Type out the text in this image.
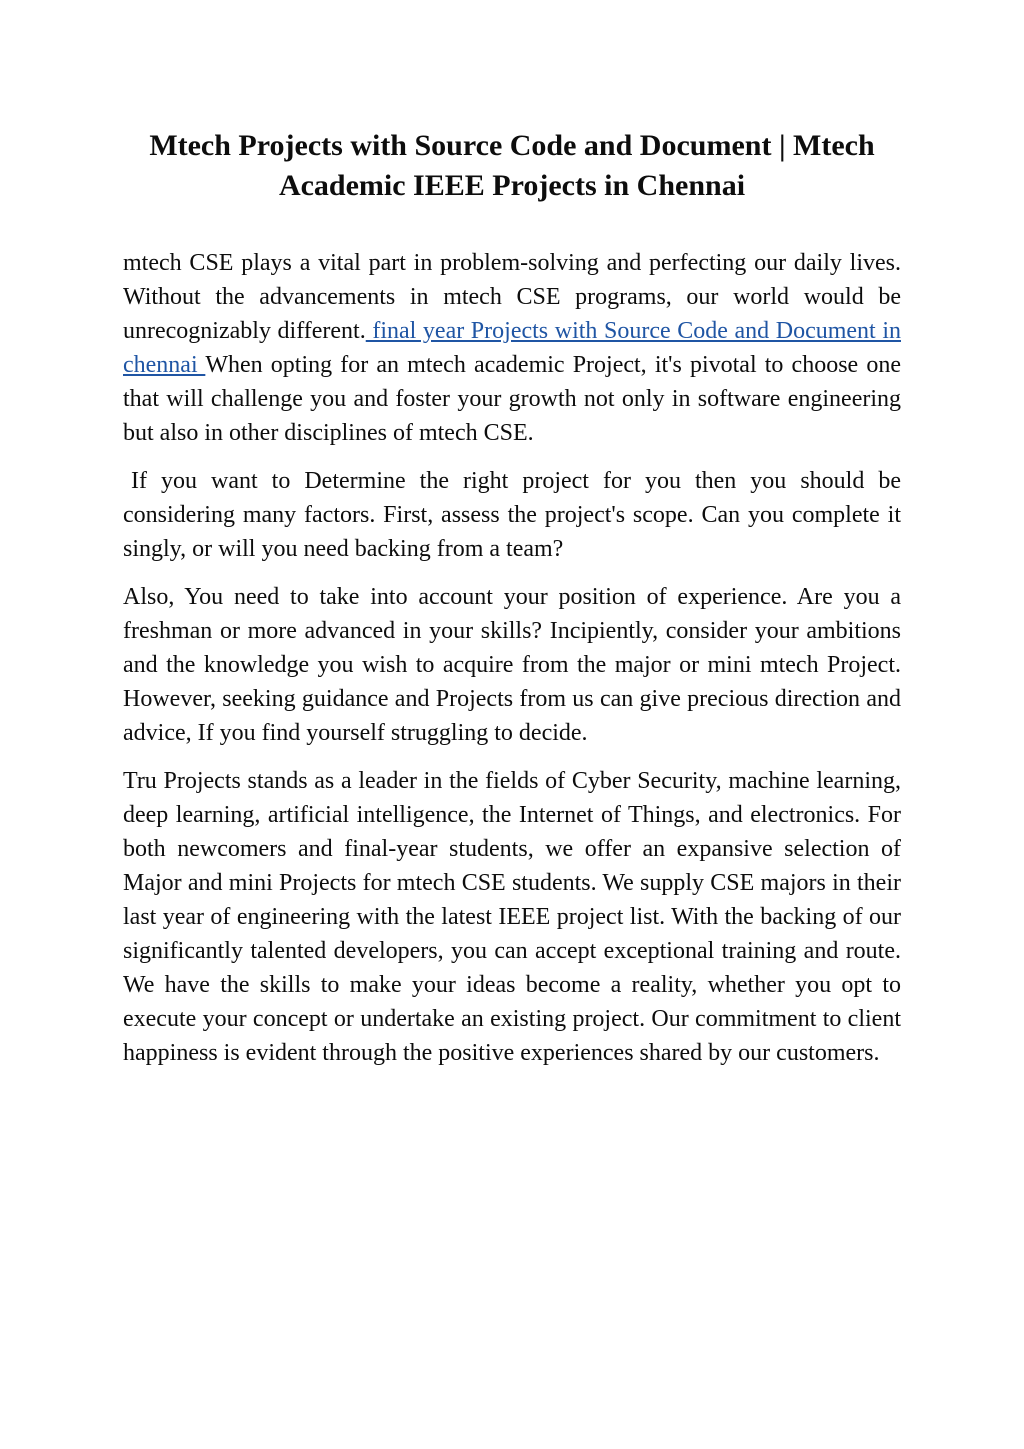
Mtech Projects with Source Code and Document | Mtech Academic IEEE Projects in Chennai

mtech CSE plays a vital part in problem-solving and perfecting our daily lives. Without the advancements in mtech CSE programs, our world would be unrecognizably different. final year Projects with Source Code and Document in chennai When opting for an mtech academic Project, it's pivotal to choose one that will challenge you and foster your growth not only in software engineering but also in other disciplines of mtech CSE.

If you want to Determine the right project for you then you should be considering many factors. First, assess the project's scope. Can you complete it singly, or will you need backing from a team?

Also, You need to take into account your position of experience. Are you a freshman or more advanced in your skills? Incipiently, consider your ambitions and the knowledge you wish to acquire from the major or mini mtech Project. However, seeking guidance and Projects from us can give precious direction and advice, If you find yourself struggling to decide.

Tru Projects stands as a leader in the fields of Cyber Security, machine learning, deep learning, artificial intelligence, the Internet of Things, and electronics. For both newcomers and final-year students, we offer an expansive selection of Major and mini Projects for mtech CSE students. We supply CSE majors in their last year of engineering with the latest IEEE project list. With the backing of our significantly talented developers, you can accept exceptional training and route. We have the skills to make your ideas become a reality, whether you opt to execute your concept or undertake an existing project. Our commitment to client happiness is evident through the positive experiences shared by our customers.
